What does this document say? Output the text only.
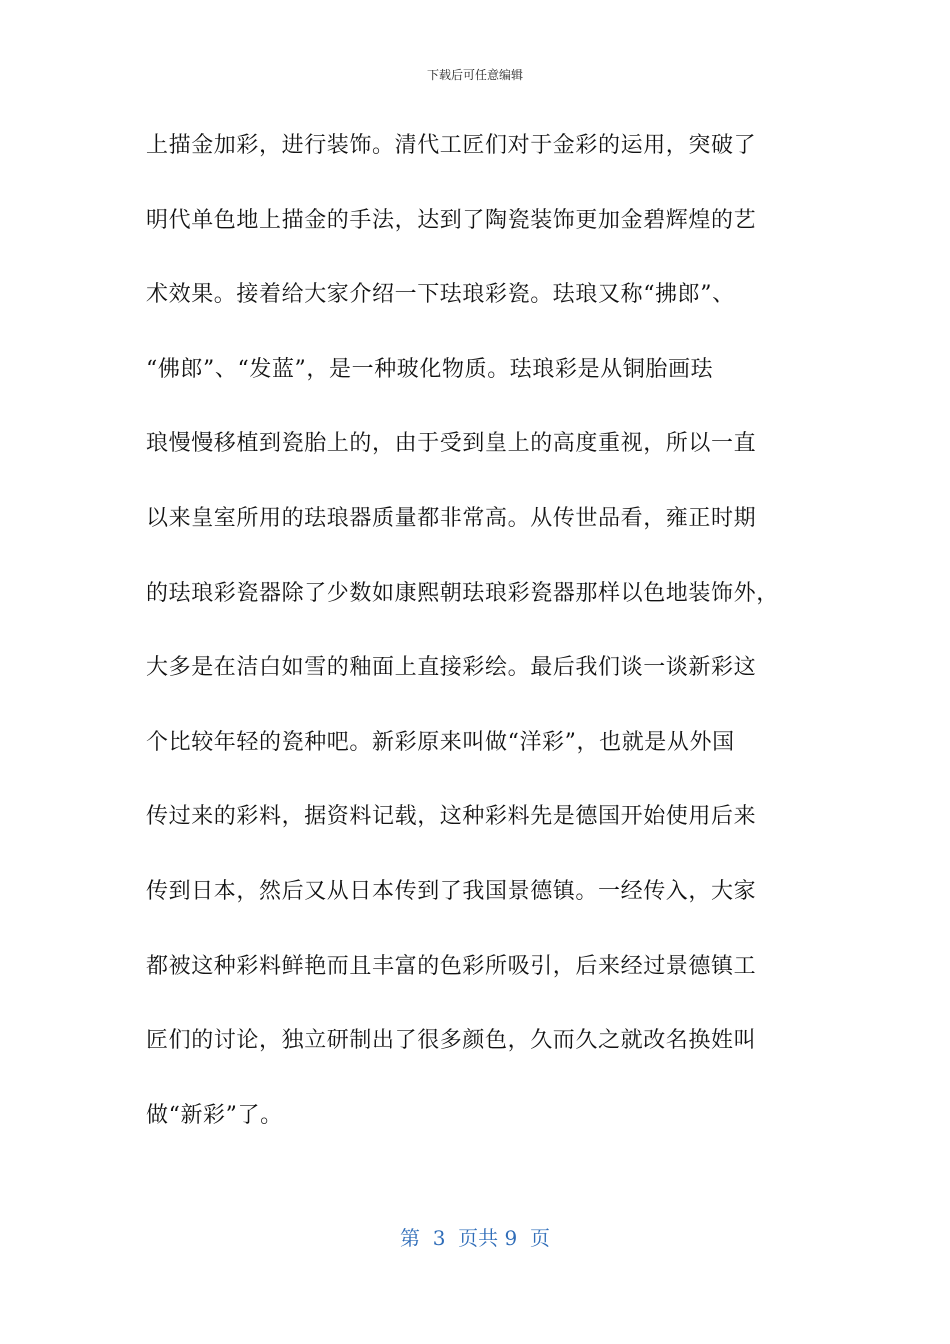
下载后可任意编辑
上描金加彩，进行装饰。清代工匠们对于金彩的运用，突破了
明代单色地上描金的手法，达到了陶瓷装饰更加金碧辉煌的艺
术效果。接着给大家介绍一下珐琅彩瓷。珐琅又称“拂郎”、
“佛郎”、“发蓝”，是一种玻化物质。珐琅彩是从铜胎画珐
琅慢慢移植到瓷胎上的，由于受到皇上的高度重视，所以一直
以来皇室所用的珐琅器质量都非常高。从传世品看，雍正时期
的珐琅彩瓷器除了少数如康熙朝珐琅彩瓷器那样以色地装饰外，
大多是在洁白如雪的釉面上直接彩绘。最后我们谈一谈新彩这
个比较年轻的瓷种吧。新彩原来叫做“洋彩”，也就是从外国
传过来的彩料，据资料记载，这种彩料先是德国开始使用后来
传到日本，然后又从日本传到了我国景德镇。一经传入，大家
都被这种彩料鲜艳而且丰富的色彩所吸引，后来经过景德镇工
匠们的讨论，独立研制出了很多颜色，久而久之就改名换姓叫
做“新彩”了。
第  3  页共 9  页
